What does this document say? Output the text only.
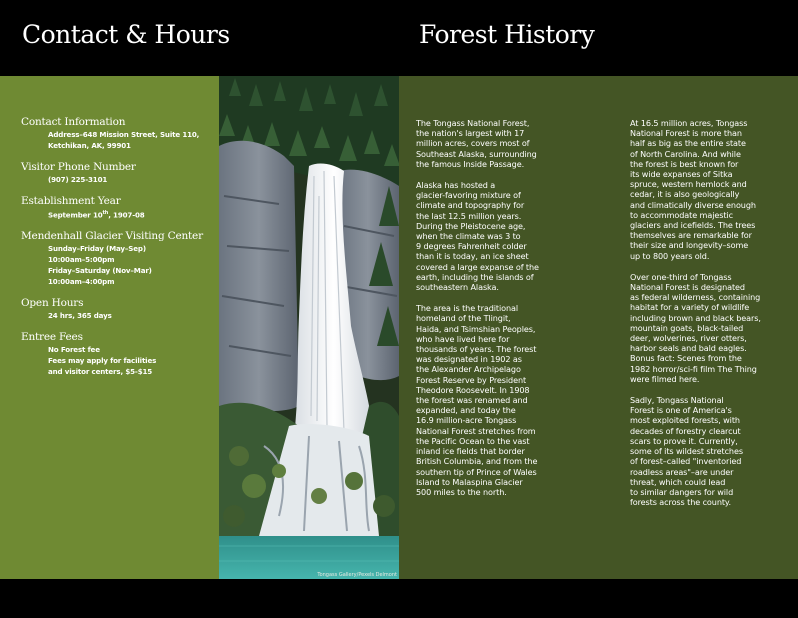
Contact & Hours	Forest History
Contact Information
Address–648 Mission Street, Suite 110,
Ketchikan, AK, 99901
Visitor Phone Number
(907) 225-3101
Establishment Year
September 10th, 1907-08
Mendenhall Glacier Visiting Center
Sunday–Friday (May–Sep)
10:00am–5:00pm
Friday–Saturday (Nov–Mar)
10:00am–4:00pm
Open Hours
24 hrs, 365 days
Entree Fees
No Forest fee
Fees may apply for facilities
and visitor centers, $5-$15
Tongass Gallery/Pexels Delmont

The Tongass National Forest,
the nation's largest with 17
million acres, covers most of
Southeast Alaska, surrounding
the famous Inside Passage.

Alaska has hosted a
glacier-favoring mixture of
climate and topography for
the last 12.5 million years.
During the Pleistocene age,
when the climate was 3 to
9 degrees Fahrenheit colder
than it is today, an ice sheet
covered a large expanse of the
earth, including the islands of
southeastern Alaska.

The area is the traditional
homeland of the Tlingit,
Haida, and Tsimshian Peoples,
who have lived here for
thousands of years. The forest
was designated in 1902 as
the Alexander Archipelago
Forest Reserve by President
Theodore Roosevelt. In 1908
the forest was renamed and
expanded, and today the
16.9 million-acre Tongass
National Forest stretches from
the Pacific Ocean to the vast
inland ice fields that border
British Columbia, and from the
southern tip of Prince of Wales
Island to Malaspina Glacier
500 miles to the north.

At 16.5 million acres, Tongass
National Forest is more than
half as big as the entire state
of North Carolina. And while
the forest is best known for
its wide expanses of Sitka
spruce, western hemlock and
cedar, it is also geologically
and climatically diverse enough
to accommodate majestic
glaciers and icefields. The trees
themselves are remarkable for
their size and longevity–some
up to 800 years old.

Over one-third of Tongass
National Forest is designated
as federal wilderness, containing
habitat for a variety of wildlife
including brown and black bears,
mountain goats, black-tailed
deer, wolverines, river otters,
harbor seals and bald eagles.
Bonus fact: Scenes from the
1982 horror/sci-fi film The Thing
were filmed here.

Sadly, Tongass National
Forest is one of America's
most exploited forests, with
decades of forestry clearcut
scars to prove it. Currently,
some of its wildest stretches
of forest–called "inventoried
roadless areas"–are under
threat, which could lead
to similar dangers for wild
forests across the county.
